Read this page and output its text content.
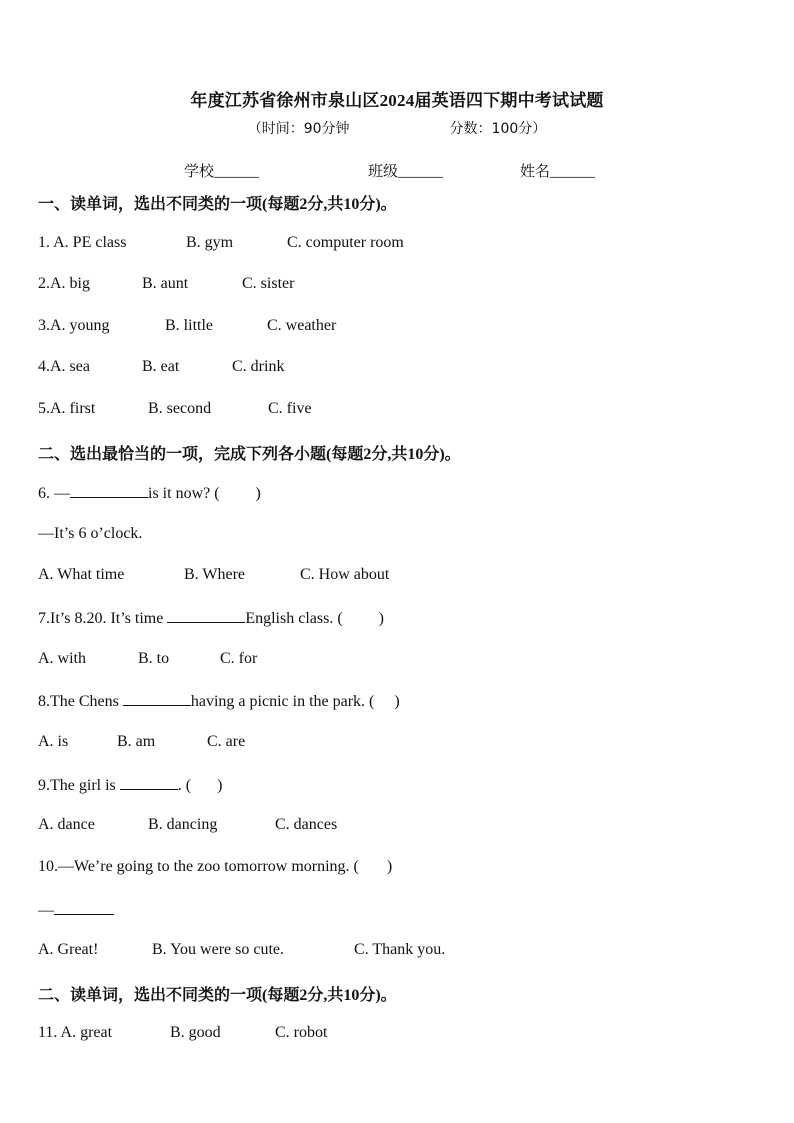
年度江苏省徐州市泉山区2024届英语四下期中考试试题
（时间：90分钟	分数：100分）
学校______	班级______	姓名______
一、读单词，选出不同类的一项(每题2分,共10分)。
1. A. PE class	B. gym	C. computer room
2.A. big	B. aunt	C. sister
3.A. young	B. little	C. weather
4.A. sea	B. eat	C. drink
5.A. first	B. second	C. five
二、选出最恰当的一项，完成下列各小题(每题2分,共10分)。
6. —	is it now? ( )
—It’s 6 o’clock.
A. What time	B. Where	C. How about
7.It’s 8.20. It’s time	English class. ( )
A. with	B. to	C. for
8.The Chens	having a picnic in the park. ( )
A. is	B. am	C. are
9.The girl is	. ( )
A. dance	B. dancing	C. dances
10.—We’re going to the zoo tomorrow morning. ( )
—
A. Great!	B. You were so cute.	C. Thank you.
二、读单词，选出不同类的一项(每题2分,共10分)。
11. A. great	B. good	C. robot
